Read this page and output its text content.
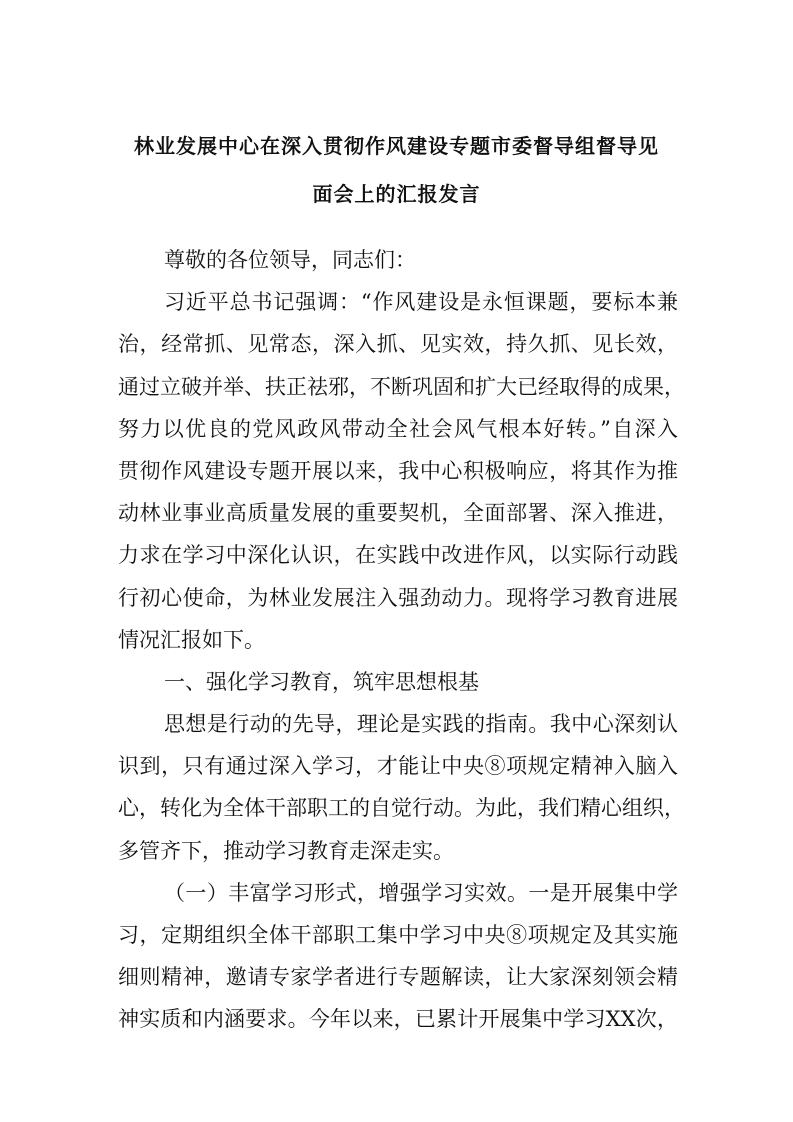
林业发展中心在深入贯彻作风建设专题市委督导组督导见
面会上的汇报发言
尊敬的各位领导，同志们：
习近平总书记强调：“作风建设是永恒课题，要标本兼
治，经常抓、见常态，深入抓、见实效，持久抓、见长效，
通过立破并举、扶正祛邪，不断巩固和扩大已经取得的成果，
努力以优良的党风政风带动全社会风气根本好转。”自深入
贯彻作风建设专题开展以来，我中心积极响应，将其作为推
动林业事业高质量发展的重要契机，全面部署、深入推进，
力求在学习中深化认识，在实践中改进作风，以实际行动践
行初心使命，为林业发展注入强劲动力。现将学习教育进展
情况汇报如下。
一、强化学习教育，筑牢思想根基
思想是行动的先导，理论是实践的指南。我中心深刻认
识到，只有通过深入学习，才能让中央⑧项规定精神入脑入
心，转化为全体干部职工的自觉行动。为此，我们精心组织，
多管齐下，推动学习教育走深走实。
（一）丰富学习形式，增强学习实效。一是开展集中学
习，定期组织全体干部职工集中学习中央⑧项规定及其实施
细则精神，邀请专家学者进行专题解读，让大家深刻领会精
神实质和内涵要求。今年以来，已累计开展集中学习XX次，
